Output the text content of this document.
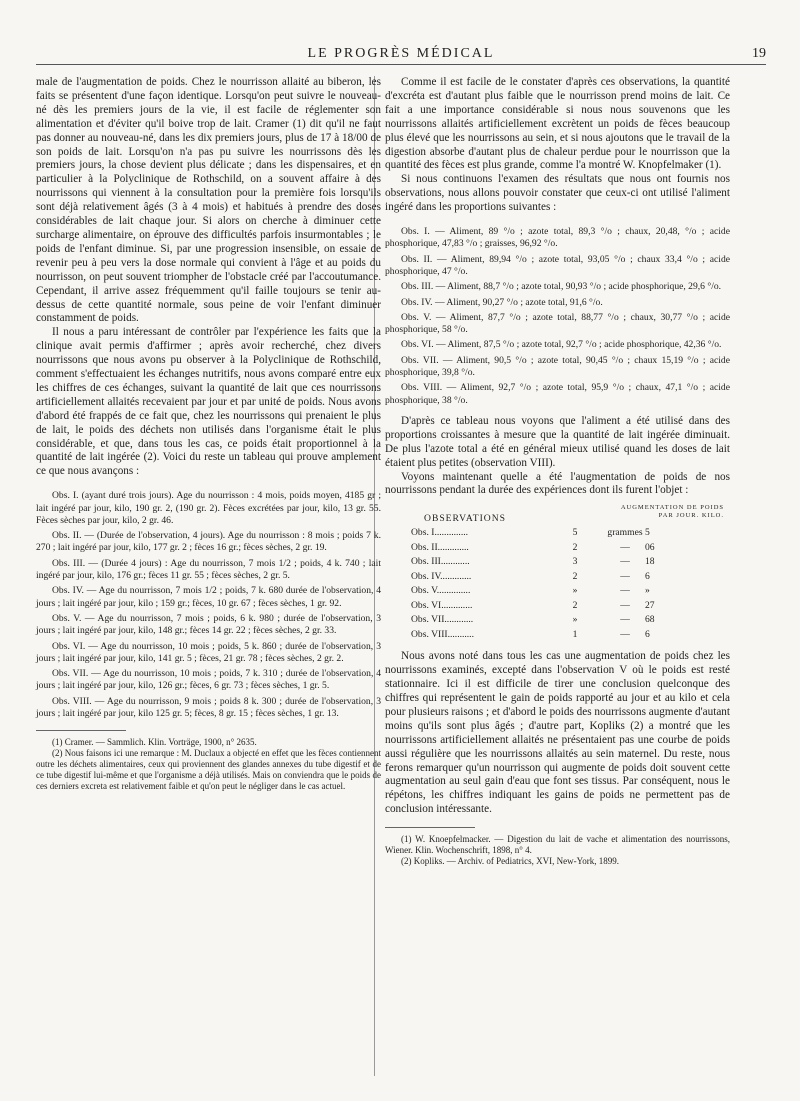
LE PROGRÈS MÉDICAL	19

male de l'augmentation de poids. Chez le nourrisson allaité au biberon, les faits se présentent d'une façon identique. Lorsqu'on peut suivre le nouveau-né dès les premiers jours de la vie, il est facile de réglementer son alimentation et d'éviter qu'il boive trop de lait. Cramer (1) dit qu'il ne faut pas donner au nouveau-né, dans les dix premiers jours, plus de 17 à 18/00 de son poids de lait. Lorsqu'on n'a pas pu suivre les nourrissons dès les premiers jours, la chose devient plus délicate ; dans les dispensaires, et en particulier à la Polyclinique de Rothschild, on a souvent affaire à des nourrissons qui viennent à la consultation pour la première fois lorsqu'ils sont déjà relativement âgés (3 à 4 mois) et habitués à prendre des doses considérables de lait chaque jour. Si alors on cherche à diminuer cette surcharge alimentaire, on éprouve des difficultés parfois insurmontables ; le poids de l'enfant diminue. Si, par une progression insensible, on essaie de revenir peu à peu vers la dose normale qui convient à l'âge et au poids du nourrisson, on peut souvent triompher de l'obstacle créé par l'accoutumance. Cependant, il arrive assez fréquemment qu'il faille toujours se tenir au-dessus de cette quantité normale, sous peine de voir l'enfant diminuer constamment de poids.

Il nous a paru intéressant de contrôler par l'expérience les faits que la clinique avait permis d'affirmer ; après avoir recherché, chez divers nourrissons que nous avons pu observer à la Polyclinique de Rothschild, comment s'effectuaient les échanges nutritifs, nous avons comparé entre eux les chiffres de ces échanges, suivant la quantité de lait que ces nourrissons artificiellement allaités recevaient par jour et par unité de poids. Nous avons d'abord été frappés de ce fait que, chez les nourrissons qui prenaient le plus de lait, le poids des déchets non utilisés dans l'organisme était le plus considérable, et que, dans tous les cas, ce poids était proportionnel à la quantité de lait ingérée (2). Voici du reste un tableau qui prouve amplement ce que nous avançons :

Obs. I. (ayant duré trois jours). Age du nourrisson : 4 mois, poids moyen, 4185 gr ; lait ingéré par jour, kilo, 190 gr. 2, (190 gr. 2). Fèces excrétées par jour, kilo, 13 gr. 55. Fèces sèches par jour, kilo, 2 gr. 46.

Obs. II. — (Durée de l'observation, 4 jours). Age du nourrisson : 8 mois ; poids 7 k. 270 ; lait ingéré par jour, kilo, 177 gr. 2 ; fèces 16 gr.; fèces sèches, 2 gr. 19.

Obs. III. — (Durée 4 jours) : Age du nourrisson, 7 mois 1/2 ; poids, 4 k. 740 ; lait ingéré par jour, kilo, 176 gr.; fèces 11 gr. 55 ; fèces sèches, 2 gr. 5.

Obs. IV. — Age du nourrisson, 7 mois 1/2 ; poids, 7 k. 680 durée de l'observation, 4 jours ; lait ingéré par jour, kilo ; 159 gr.; fèces, 10 gr. 67 ; fèces sèches, 1 gr. 92.

Obs. V. — Age du nourrisson, 7 mois ; poids, 6 k. 980 ; durée de l'observation, 3 jours ; lait ingéré par jour, kilo, 148 gr.; fèces 14 gr. 22 ; fèces sèches, 2 gr. 33.

Obs. VI. — Age du nourrisson, 10 mois ; poids, 5 k. 860 ; durée de l'observation, 3 jours ; lait ingéré par jour, kilo, 141 gr. 5 ; fèces, 21 gr. 78 ; fèces sèches, 2 gr. 2.

Obs. VII. — Age du nourrisson, 10 mois ; poids, 7 k. 310 ; durée de l'observation, 4 jours ; lait ingéré par jour, kilo, 126 gr.; fèces, 6 gr. 73 ; fèces sèches, 1 gr. 5.

Obs. VIII. — Age du nourrisson, 9 mois ; poids 8 k. 300 ; durée de l'observation, 3 jours ; lait ingéré par jour, kilo 125 gr. 5; fèces, 8 gr. 15 ; fèces sèches, 1 gr. 13.

(1) Cramer. — Sammlich. Klin. Vorträge, 1900, n° 2635.

(2) Nous faisons ici une remarque : M. Duclaux a objecté en effet que les fèces contiennent outre les déchets alimentaires, ceux qui proviennent des glandes annexes du tube digestif et de ce tube digestif lui-même et que l'organisme a déjà utilisés. Mais on conviendra que le poids de ces derniers excreta est relativement faible et qu'on peut le négliger dans le cas actuel.

Comme il est facile de le constater d'après ces observations, la quantité d'excréta est d'autant plus faible que le nourrisson prend moins de lait. Ce fait a une importance considérable si nous nous souvenons que les nourrissons allaités artificiellement excrètent un poids de fèces beaucoup plus élevé que les nourrissons au sein, et si nous ajoutons que le travail de la digestion absorbe d'autant plus de chaleur perdue pour le nourrisson que la quantité des fèces est plus grande, comme l'a montré W. Knopfelmaker (1).

Si nous continuons l'examen des résultats que nous ont fournis nos observations, nous allons pouvoir constater que ceux-ci ont utilisé l'aliment ingéré dans les proportions suivantes :

Obs. I. — Aliment, 89 °/o ; azote total, 89,3 °/o ; chaux, 20,48, °/o ; acide phosphorique, 47,83 °/o ; graisses, 96,92 °/o.

Obs. II. — Aliment, 89,94 °/o ; azote total, 93,05 °/o ; chaux 33,4 °/o ; acide phosphorique, 47 °/o.

Obs. III. — Aliment, 88,7 °/o ; azote total, 90,93 °/o ; acide phosphorique, 29,6 °/o.

Obs. IV. — Aliment, 90,27 °/o ; azote total, 91,6 °/o.

Obs. V. — Aliment, 87,7 °/o ; azote total, 88,77 °/o ; chaux, 30,77 °/o ; acide phosphorique, 58 °/o.

Obs. VI. — Aliment, 87,5 °/o ; azote total, 92,7 °/o ; acide phosphorique, 42,36 °/o.

Obs. VII. — Aliment, 90,5 °/o ; azote total, 90,45 °/o ; chaux 15,19 °/o ; acide phosphorique, 39,8 °/o.

Obs. VIII. — Aliment, 92,7 °/o ; azote total, 95,9 °/o ; chaux, 47,1 °/o ; acide phosphorique, 38 °/o.

D'après ce tableau nous voyons que l'aliment a été utilisé dans des proportions croissantes à mesure que la quantité de lait ingérée diminuait. De plus l'azote total a été en général mieux utilisé quand les doses de lait étaient plus petites (observation VIII).

Voyons maintenant quelle a été l'augmentation de poids de nos nourrissons pendant la durée des expériences dont ils furent l'objet :

AUGMENTATION DE POIDS
OBSERVATIONS	PAR JOUR. KILO.
Obs. I..............	5	grammes 5
Obs. II.............	2	—	06
Obs. III............	3	—	18
Obs. IV.............	2	—	6
Obs. V..............	»	—	»
Obs. VI.............	2	—	27
Obs. VII............	»	—	68
Obs. VIII...........	1	—	6

Nous avons noté dans tous les cas une augmentation de poids chez les nourrissons examinés, excepté dans l'observation V où le poids est resté stationnaire. Ici il est difficile de tirer une conclusion quelconque des chiffres qui représentent le gain de poids rapporté au jour et au kilo et cela pour plusieurs raisons ; et d'abord le poids des nourrissons augmente d'autant moins qu'ils sont plus âgés ; d'autre part, Kopliks (2) a montré que les nourrissons artificiellement allaités ne présentaient pas une courbe de poids aussi régulière que les nourrissons allaités au sein maternel. Du reste, nous ferons remarquer qu'un nourrisson qui augmente de poids doit souvent cette augmentation au seul gain d'eau que font ses tissus. Par conséquent, nous le répétons, les chiffres indiquant les gains de poids ne permettent pas de conclusion intéressante.

(1) W. Knoepfelmacker. — Digestion du lait de vache et alimentation des nourrissons, Wiener. Klin. Wochenschrift, 1898, n° 4.

(2) Kopliks. — Archiv. of Pediatrics, XVI, New-York, 1899.
